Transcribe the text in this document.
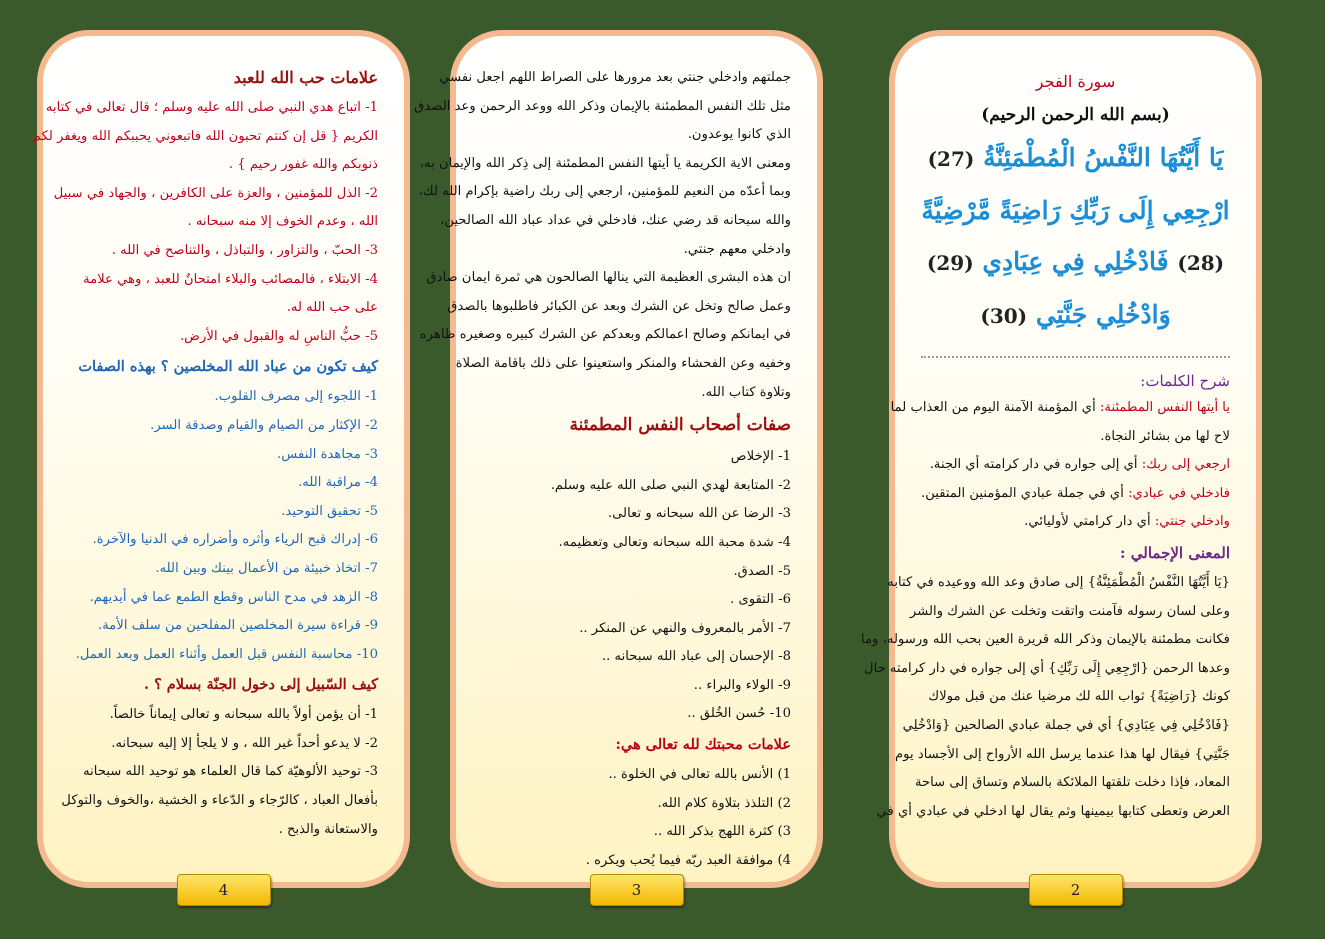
علامات حب الله للعبد

1- اتباع هدي النبي صلى الله عليه وسلم ؛ قال تعالى في كتابه

الكريم { قل إن كنتم تحبون الله فاتبعوني يحببكم الله ويغفر لكم

ذنوبكم والله غفور رحيم } .

2- الذل للمؤمنين ، والعزة على الكافرين ، والجهاد في سبيل

الله ، وعدم الخوف إلا منه سبحانه .

3- الحبّ ، والتزاور ، والتباذل ، والتناصح في الله .

4- الابتلاء ، فالمصائب والبلاء امتحانٌ للعبد ، وهي علامة

على حب الله له.

5- حبُّ الناسِ له والقبول في الأرض.

كيف تكون من عباد الله المخلصين ؟ بهذه الصفات

1- اللجوء إلى مصرف القلوب.

2- الإكثار من الصيام والقيام وصدقة السر.

3- مجاهدة النفس.

4- مراقبة الله.

5- تحقيق التوحيد.

6- إدراك قبح الرياء وأثره وأضراره في الدنيا والآخرة.

7- اتخاذ خبيئة من الأعمال بينك وبين الله.

8- الزهد في مدح الناس وقطع الطمع عما في أيديهم.

9- قراءة سيرة المخلصين المفلحين من سلف الأمة.

10- محاسبة النفس قبل العمل وأثناء العمل وبعد العمل.

كيف السّبيل إلى دخول الجنّة بسلام ؟ .

1- أن يؤمن أولاً بالله سبحانه و تعالى إيماناً خالصاً.

2- لا يدعو أحداً غير الله ، و لا يلجأ إلا إليه سبحانه.

3- توحيد الألوهيّة كما قال العلماء هو توحيد الله سبحانه

بأفعال العباد ، كالرّجاء و الدّعاء و الخشية ،والخوف والتوكل

والاستعانة والذبح .

4

جملتهم وادخلي جنتي بعد مرورها على الصراط اللهم اجعل نفسي

مثل تلك النفس المطمئنة بالإيمان وذكر الله ووعد الرحمن وعد الصدق

الذي كانوا يوعدون.

ومعنى الاية الكريمة يا أيتها النفس المطمئنة إلى ذِكر الله والإيمان به،

وبما أعدّه من النعيم للمؤمنين، ارجعي إلى ربك راضية بإكرام الله لك،

والله سبحانه قد رضي عنك، فادخلي في عداد عباد الله الصالحين،

وادخلي معهم جنتي.

ان هذه البشرى العظيمة التي ينالها الصالحون هي ثمرة ايمان صادق

وعمل صالح وتخل عن الشرك وبعد عن الكبائر فاطلبوها بالصدق

في ايمانكم وصالح اعمالكم وبعدكم عن الشرك كبيره وصغيره ظاهره

وخفيه وعن الفحشاء والمنكر واستعينوا على ذلك باقامة الصلاة

وتلاوة كتاب الله.

صفات أصحاب النفس المطمئنة

1- الإخلاص

2- المتابعة لهدي النبي صلى الله عليه وسلم.

3- الرضا عن الله سبحانه و تعالى.

4- شدة محبة الله سبحانه وتعالى وتعظيمه.

5- الصدق.

6- التقوى .

7- الأمر بالمعروف والنهي عن المنكر ..

8- الإحسان إلى عباد الله سبحانه ..

9- الولاء والبراء ..

10- حُسن الخُلق ..

علامات محبتك لله تعالى هي:

1) الأنس بالله تعالى في الخلوة ..

2) التلذذ بتلاوة كلام الله.

3) كثرة اللهج بذكر الله ..

4) موافقة العبد ربّه فيما يُحب ويكره .

3

سورة الفجر

(بسم الله الرحمن الرحيم)

يَا أَيَّتُهَا النَّفْسُ الْمُطْمَئِنَّةُ (27)

ارْجِعِي إِلَى رَبِّكِ رَاضِيَةً مَّرْضِيَّةً

(28) فَادْخُلِي فِي عِبَادِي (29)

وَادْخُلِي جَنَّتِي (30)

شرح الكلمات:

يا أيتها النفس المطمئنة: أي المؤمنة الآمنة اليوم من العذاب لما

لاح لها من بشائر النجاة.

ارجعي إلى ربك: أي إلى جواره في دار كرامته أي الجنة.

فادخلي في عبادي: أي في جملة عبادي المؤمنين المتقين.

وادخلي جنتي: أي دار كرامتي لأوليائي.

المعنى الإجمالي :

{يَا أَيَّتُهَا النَّفْسُ الْمُطْمَئِنَّةُ} إلى صادق وعد الله ووعيده في كتابه

وعلى لسان رسوله فآمنت واتقت وتخلت عن الشرك والشر

فكانت مطمئنة بالإيمان وذكر الله قريرة العين بحب الله ورسوله، وما

وعدها الرحمن {ارْجِعِي إِلَى رَبِّكِ} أي إلى جواره في دار كرامته حال

كونك {رَاضِيَةً} ثواب الله لك مرضيا عنك من قبل مولاك

{فَادْخُلِي فِي عِبَادِي} أي في جملة عبادي الصالحين {وَادْخُلِي

جَنَّتِي} فيقال لها هذا عندما يرسل الله الأرواح إلى الأجساد يوم

المعاد، فإذا دخلت تلقتها الملائكة بالسلام وتساق إلى ساحة

العرض وتعطى كتابها بيمينها وثم يقال لها ادخلي في عبادي أي في

2
